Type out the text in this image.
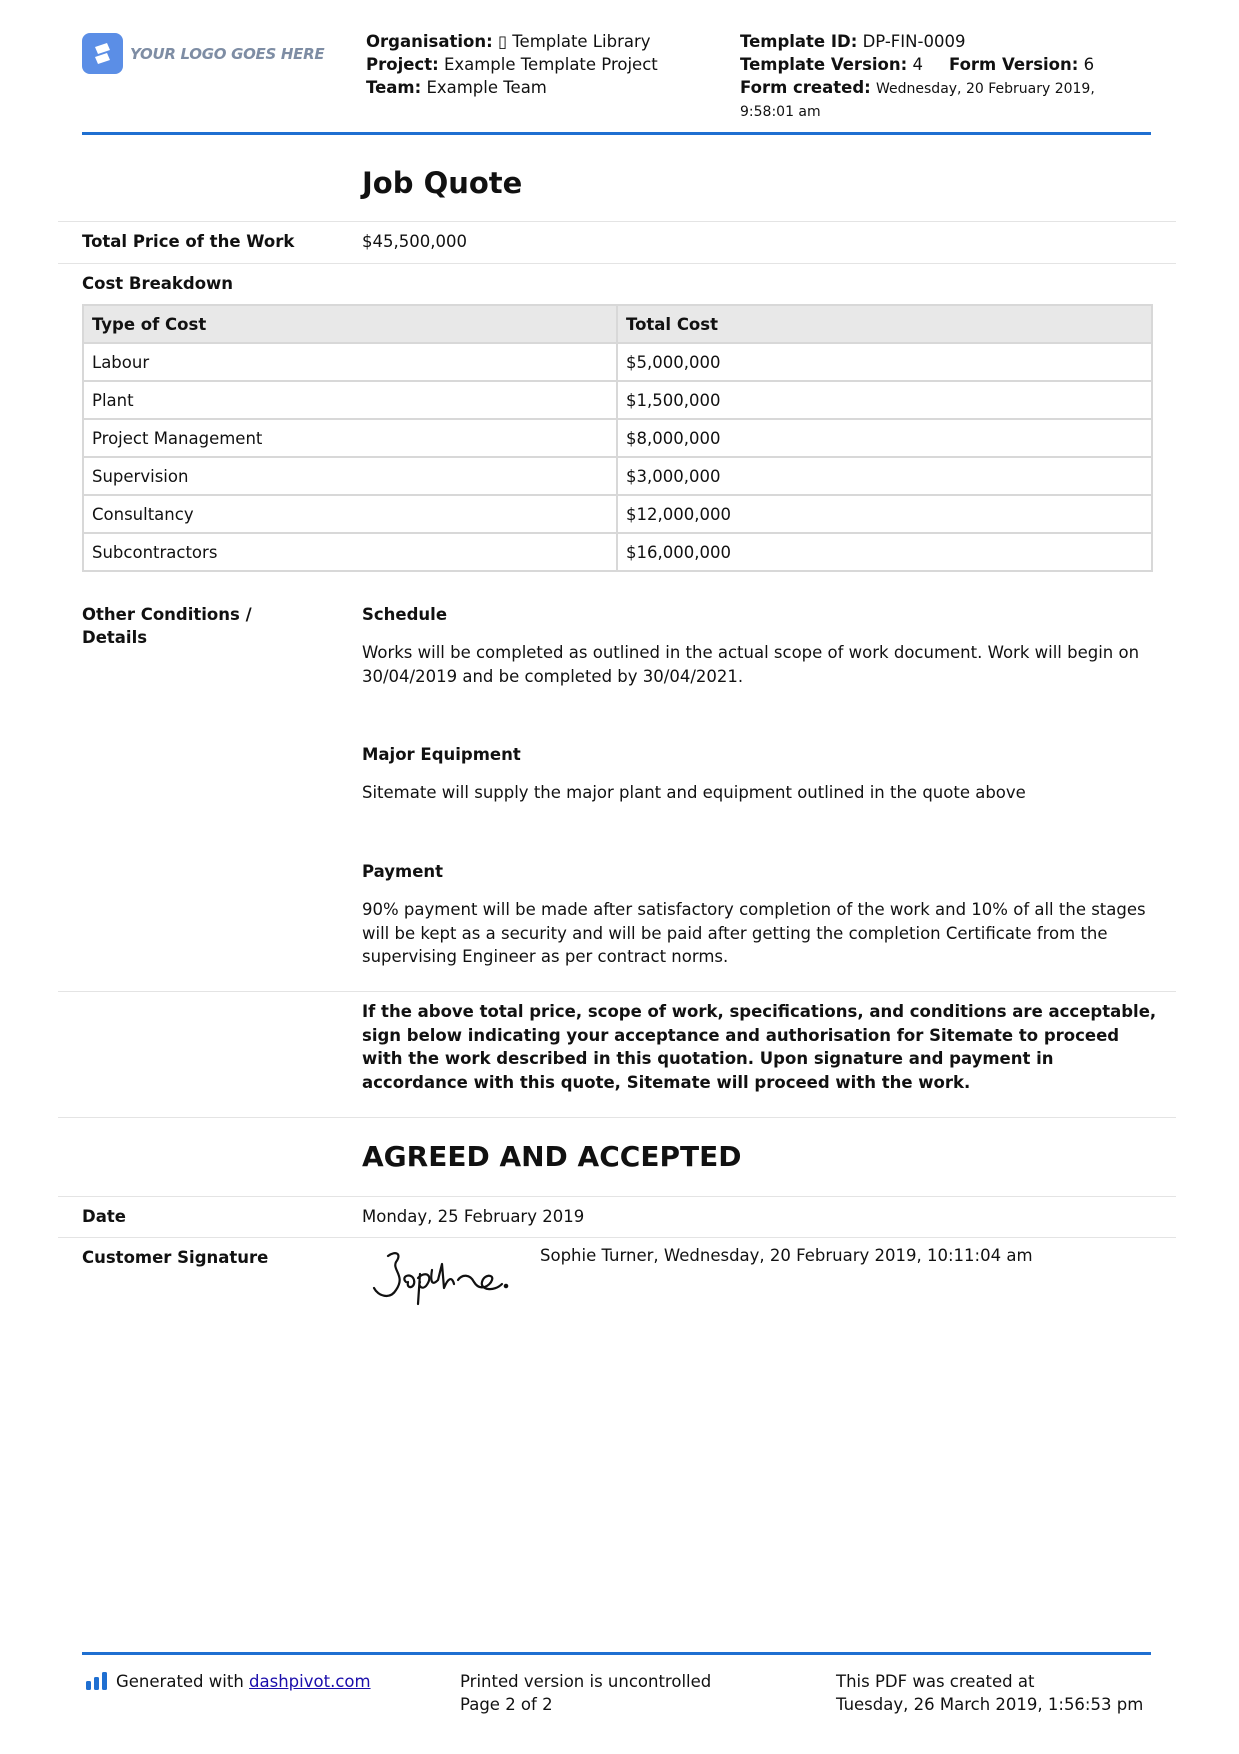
YOUR LOGO GOES HERE
Organisation: ▯ Template Library
Project: Example Template Project
Team: Example Team
Template ID: DP-FIN-0009
Template Version: 4 Form Version: 6
Form created: Wednesday, 20 February 2019,
9:58:01 am
Job Quote
Total Price of the Work	$45,500,000
Cost Breakdown
Type of Cost	Total Cost
Labour	$5,000,000
Plant	$1,500,000
Project Management	$8,000,000
Supervision	$3,000,000
Consultancy	$12,000,000
Subcontractors	$16,000,000
Other Conditions /
Details
Schedule
Works will be completed as outlined in the actual scope of work document. Work will begin on 30/04/2019 and be completed by 30/04/2021.
Major Equipment
Sitemate will supply the major plant and equipment outlined in the quote above
Payment
90% payment will be made after satisfactory completion of the work and 10% of all the stages will be kept as a security and will be paid after getting the completion Certificate from the supervising Engineer as per contract norms.
If the above total price, scope of work, specifications, and conditions are acceptable, sign below indicating your acceptance and authorisation for Sitemate to proceed with the work described in this quotation. Upon signature and payment in accordance with this quote, Sitemate will proceed with the work.
AGREED AND ACCEPTED
Date	Monday, 25 February 2019
Customer Signature	Sophie Turner, Wednesday, 20 February 2019, 10:11:04 am
Generated with dashpivot.com	Printed version is uncontrolled
Page 2 of 2
This PDF was created at
Tuesday, 26 March 2019, 1:56:53 pm
